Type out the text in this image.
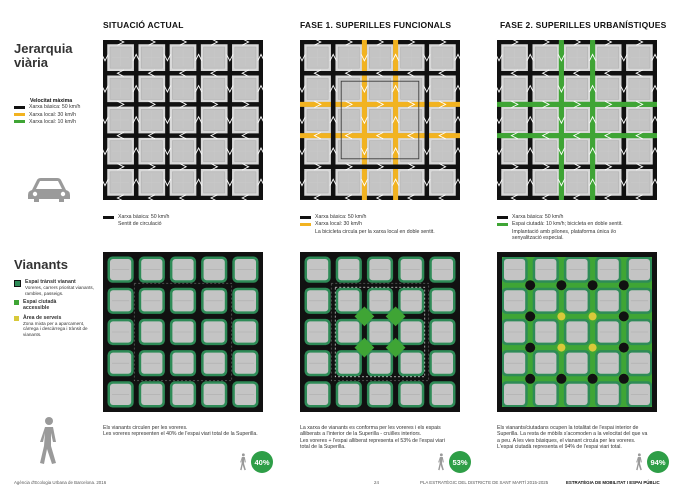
SITUACIÓ ACTUAL	FASE 1. SUPERILLES FUNCIONALS	FASE 2. SUPERILLES URBANÍSTIQUES
Jerarquia
viària
Velocitat màxima
Xarxa bàsica: 50 km/h
Xarxa local: 30 km/h
Xarxa local: 10 km/h
Vianants
Espai trànsit vianant
Voreres, carrers prioritat vianants, rambles, passeigs.
Espai ciutadà accessible
Àrea de serveis
Zona mixta per a aparcament, càrrega i descàrrega i trànsit de vianants.
Xarxa bàsica: 50 km/h
Sentit de circulació
Xarxa bàsica: 50 km/h
Xarxa local: 30 km/h
La bicicleta circula per la xarxa local en doble sentit.
Xarxa bàsica: 50 km/h
Espai ciutadà: 10 km/h; bicicleta en doble sentit.
Implantació amb pilones, plataforma única i/o
senyalització especial.
Els vianants circulen per les voreres.
Les voreres representen el 40% de l'espai viari total de la Superilla.
La xarxa de vianants es conforma per les voreres i els espais
alliberats a l'interior de la Superilla - cruïlles interiors.
Les voreres + l'espai alliberat representa el 53% de l'espai viari
total de la Superilla.
Els vianants/ciutadans ocupen la totalitat de l'espai interior de
Superilla. La resta de mòbils s'acomoden a la velocitat del que va
a peu. A les vies bàsiques, el vianant circula per les voreres.
L'espai ciutadà representa el 94% de l'espai viari total.
40%	53%	94%
Agència d'Ecologia Urbana de Barcelona. 2016	24	PLA ESTRATÈGIC DEL DISTRICTE DE SANT MARTÍ 2015-2025	ESTRATÈGIA DE MOBILITAT I ESPAI PÚBLIC
